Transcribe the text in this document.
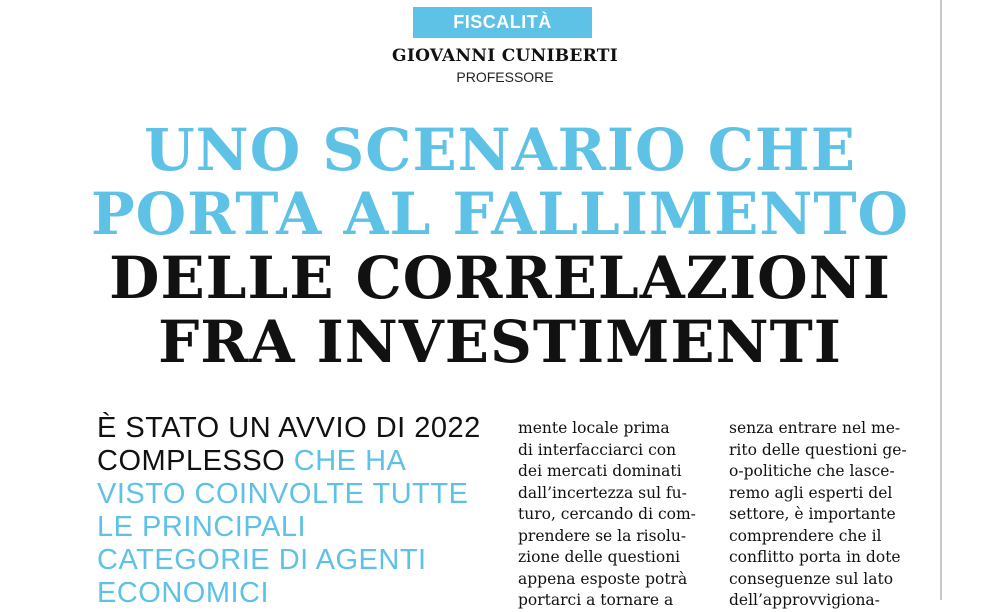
FISCALITÀ
GIOVANNI CUNIBERTI
PROFESSORE
UNO SCENARIO CHE
PORTA AL FALLIMENTO
DELLE CORRELAZIONI
FRA INVESTIMENTI
È STATO UN AVVIO DI 2022 COMPLESSO CHE HA VISTO COINVOLTE TUTTE LE PRINCIPALI CATEGORIE DI AGENTI ECONOMICI
mente locale prima
di interfacciarci con
dei mercati dominati
dall’incertezza sul fu-
turo, cercando di com-
prendere se la risolu-
zione delle questioni
appena esposte potrà
portarci a tornare a
senza entrare nel me-
rito delle questioni ge-
o-politiche che lasce-
remo agli esperti del
settore, è importante
comprendere che il
conflitto porta in dote
conseguenze sul lato
dell’approvvigiona-
